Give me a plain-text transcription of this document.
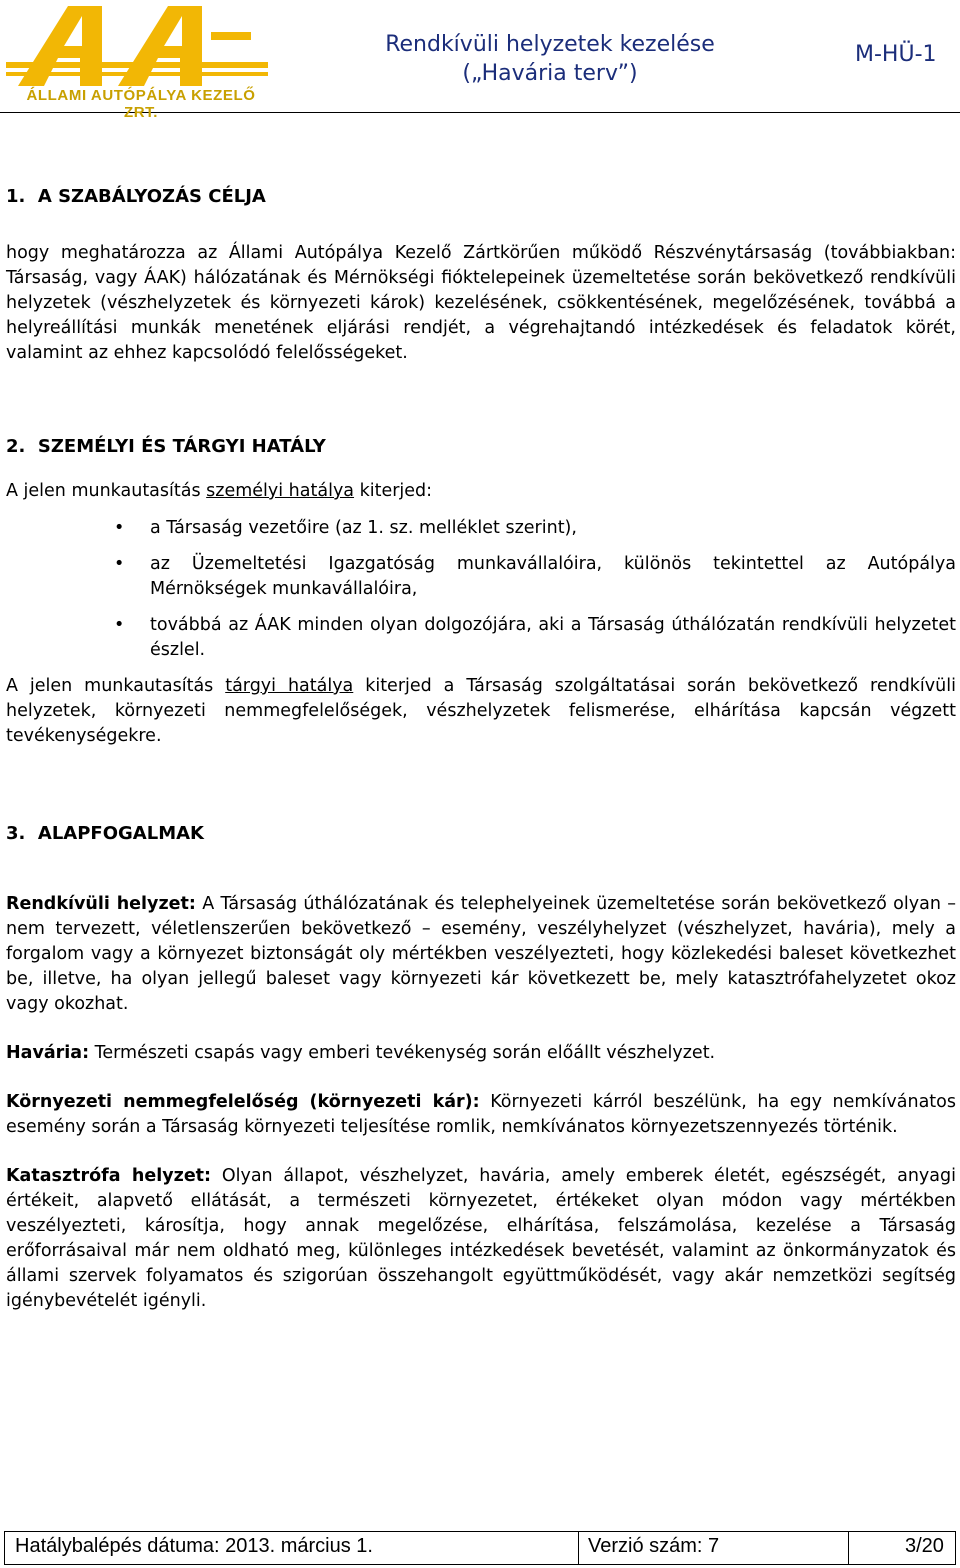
ÁLLAMI AUTÓPÁLYA KEZELŐ ZRT.
Rendkívüli helyzetek kezelése
(„Havária terv”)
M-HÜ-1
1.  A SZABÁLYOZÁS CÉLJA

hogy meghatározza az Állami Autópálya Kezelő Zártkörűen működő Részvénytársaság (továbbiakban: Társaság, vagy ÁAK) hálózatának és Mérnökségi fióktelepeinek üzemeltetése során bekövetkező rendkívüli helyzetek (vészhelyzetek és környezeti károk) kezelésének, csökkentésének, megelőzésének, továbbá a helyreállítási munkák menetének eljárási rendjét, a végrehajtandó intézkedések és feladatok körét, valamint az ehhez kapcsolódó felelősségeket.

2.  SZEMÉLYI ÉS TÁRGYI HATÁLY

A jelen munkautasítás személyi hatálya kiterjed:

• a Társaság vezetőire (az 1. sz. melléklet szerint),
• az Üzemeltetési Igazgatóság munkavállalóira, különös tekintettel az Autópálya Mérnökségek munkavállalóira,
• továbbá az ÁAK minden olyan dolgozójára, aki a Társaság úthálózatán rendkívüli helyzetet észlel.

A jelen munkautasítás tárgyi hatálya kiterjed a Társaság szolgáltatásai során bekövetkező rendkívüli helyzetek, környezeti nemmegfelelőségek, vészhelyzetek felismerése, elhárítása kapcsán végzett tevékenységekre.

3.  ALAPFOGALMAK

Rendkívüli helyzet: A Társaság úthálózatának és telephelyeinek üzemeltetése során bekövetkező olyan – nem tervezett, véletlenszerűen bekövetkező – esemény, veszélyhelyzet (vészhelyzet, havária), mely a forgalom vagy a környezet biztonságát oly mértékben veszélyezteti, hogy közlekedési baleset következhet be, illetve, ha olyan jellegű baleset vagy környezeti kár következett be, mely katasztrófahelyzetet okoz vagy okozhat.

Havária: Természeti csapás vagy emberi tevékenység során előállt vészhelyzet.

Környezeti nemmegfelelőség (környezeti kár): Környezeti kárról beszélünk, ha egy nemkívánatos esemény során a Társaság környezeti teljesítése romlik, nemkívánatos környezetszennyezés történik.

Katasztrófa helyzet: Olyan állapot, vészhelyzet, havária, amely emberek életét, egészségét, anyagi értékeit, alapvető ellátását, a természeti környezetet, értékeket olyan módon vagy mértékben veszélyezteti, károsítja, hogy annak megelőzése, elhárítása, felszámolása, kezelése a Társaság erőforrásaival már nem oldható meg, különleges intézkedések bevetését, valamint az önkormányzatok és állami szervek folyamatos és szigorúan összehangolt együttműködését, vagy akár nemzetközi segítség igénybevételét igényli.

Hatálybalépés dátuma: 2013. március 1.	Verzió szám: 7	3/20
